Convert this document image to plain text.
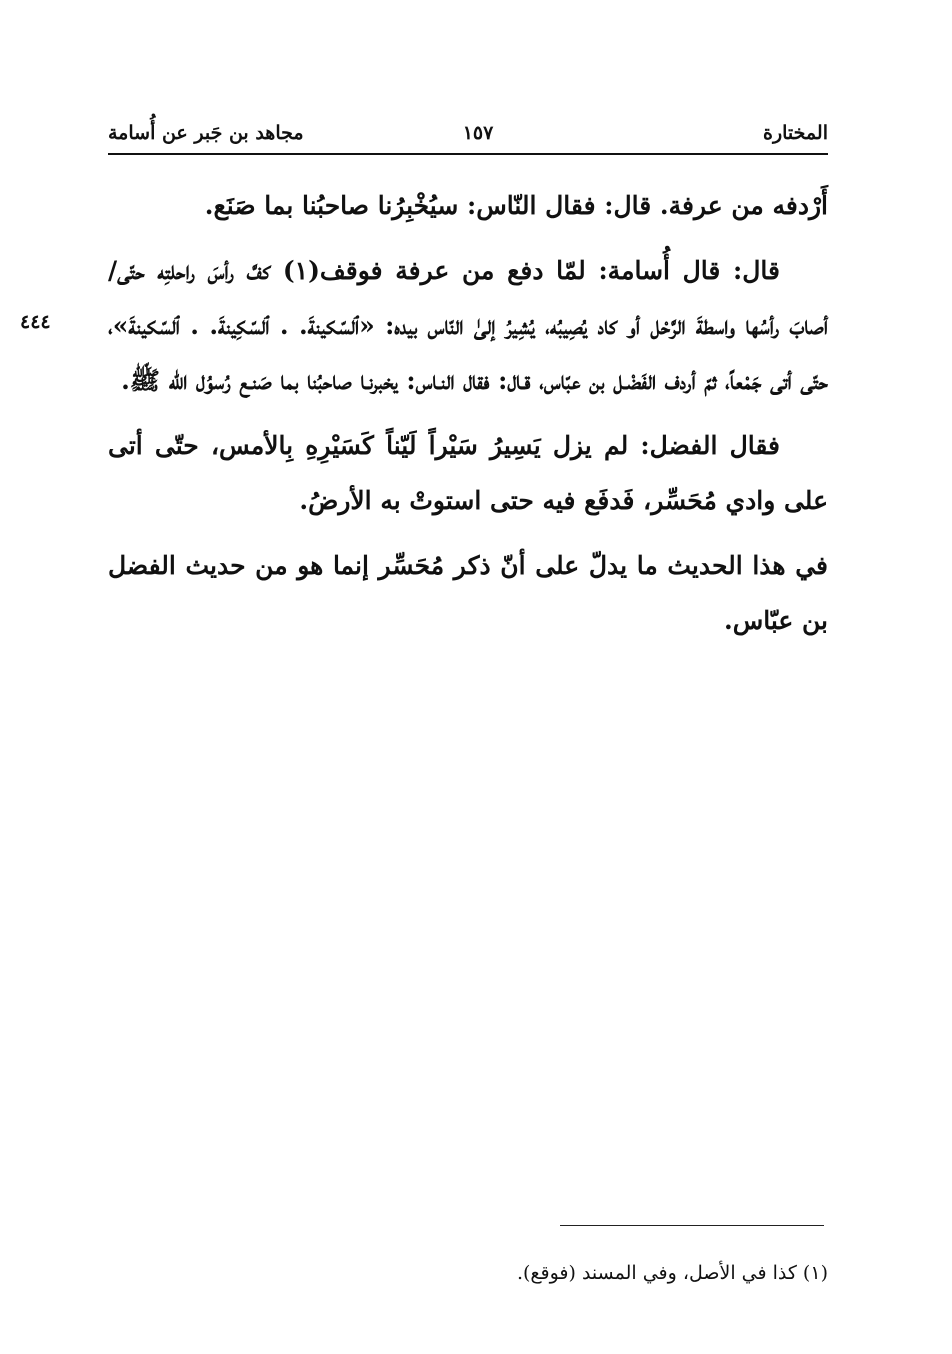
مجاهد بن جَبر عن أُسامة	١٥٧	المختارة
٤٤٤

أَرْدفه من عرفة. قال: فقال النّاس: سيُخْبِرُنا صاحبُنا بما صَنَع.

قال: قال أُسامة: لمّا دفع من عرفة فوقف(١) كفَّ رأسَ راحلتِه حتّى/ أصابَ رأسُها واسطةَ الرَّحْل أو كاد يُصِيبُه، يُشِيرُ إلىٰ النّاس بيده: «ٱلسّكينةَ. . ٱلسّكِينةَ. . ٱلسّكينةَ»، حتّى أتى جَمْعاً، ثمّ أردف الفَضْـل بن عبّاس، قـال: فقال النـاس: يخبرنـا صاحبُنا بما صَنـع رُسوُل الله ﷺ.

فقال الفضل: لم يزل يَسِيرُ سَيْراً لَيّناً كَسَيْرِهِ بِالأمس، حتّى أتى على وادي مُحَسِّر، فَدفَع فيه حتى استوتْ به الأرضُ.

في هذا الحديث ما يدلّ على أنّ ذكر مُحَسِّر إنما هو من حديث الفضل بن عبّاس.

(١) كذا في الأصل، وفي المسند (فوقع).
